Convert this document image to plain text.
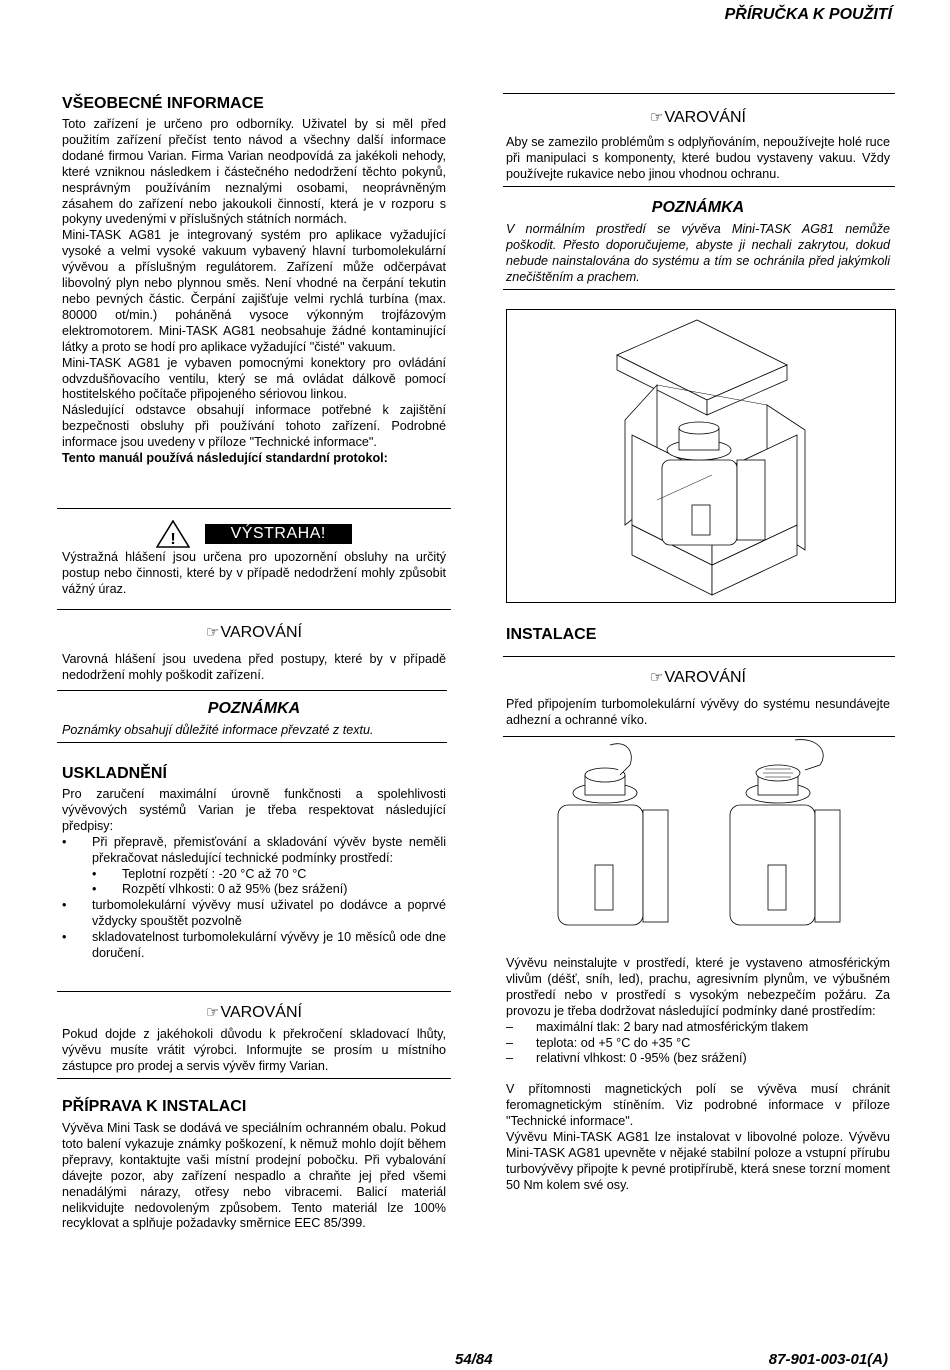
PŘÍRUČKA K POUŽITÍ
VŠEOBECNÉ INFORMACE

Toto zařízení je určeno pro odborníky. Uživatel by si měl před použitím zařízení přečíst tento návod a všechny další informace dodané firmou Varian. Firma Varian neodpovídá za jakékoli nehody, které vzniknou následkem i částečného nedodržení těchto pokynů, nesprávným používáním neznalými osobami, neoprávněným zásahem do zařízení nebo jakoukoli činností, která je v rozporu s pokyny uvedenými v příslušných státních normách.

Mini-TASK AG81 je integrovaný systém pro aplikace vyžadující vysoké a velmi vysoké vakuum vybavený hlavní turbomolekulární vývěvou a příslušným regulátorem. Zařízení může odčerpávat libovolný plyn nebo plynnou směs. Není vhodné na čerpání tekutin nebo pevných částic. Čerpání zajišťuje velmi rychlá turbína (max. 80000 ot/min.) poháněná vysoce výkonným trojfázovým elektromotorem. Mini-TASK AG81 neobsahuje žádné kontaminující látky a proto se hodí pro aplikace vyžadující "čisté" vakuum.

Mini-TASK AG81 je vybaven pomocnými konektory pro ovládání odvzdušňovacího ventilu, který se má ovládat dálkově pomocí hostitelského počítače připojeného sériovou linkou.

Následující odstavce obsahují informace potřebné k zajištění bezpečnosti obsluhy při používání tohoto zařízení. Podrobné informace jsou uvedeny v příloze "Technické informace".

Tento manuál používá následující standardní protokol:

!	VÝSTRAHA!

Výstražná hlášení jsou určena pro upozornění obsluhy na určitý postup nebo činnosti, které by v případě nedodržení mohly způsobit vážný úraz.

☞VAROVÁNÍ

Varovná hlášení jsou uvedena před postupy, které by v případě nedodržení mohly poškodit zařízení.

POZNÁMKA

Poznámky obsahují důležité informace převzaté z textu.

USKLADNĚNÍ

Pro zaručení maximální úrovně funkčnosti a spolehlivosti vývěvových systémů Varian je třeba respektovat následující předpisy:

• Při přepravě, přemisťování a skladování vývěv byste neměli překračovat následující technické podmínky prostředí:
• Teplotní rozpětí : -20 °C až 70 °C
• Rozpětí vlhkosti: 0 až 95% (bez srážení)
• turbomolekulární vývěvy musí uživatel po dodávce a poprvé vždycky spouštět pozvolně
• skladovatelnost turbomolekulární vývěvy je 10 měsíců ode dne doručení.
☞VAROVÁNÍ

Pokud dojde z jakéhokoli důvodu k překročení skladovací lhůty, vývěvu musíte vrátit výrobci. Informujte se prosím u místního zástupce pro prodej a servis vývěv firmy Varian.

PŘÍPRAVA K INSTALACI

Vývěva Mini Task se dodává ve speciálním ochranném obalu. Pokud toto balení vykazuje známky poškození, k němuž mohlo dojít během přepravy, kontaktujte vaši místní prodejní pobočku. Při vybalování dávejte pozor, aby zařízení nespadlo a chraňte jej před všemi nenadálými nárazy, otřesy nebo vibracemi. Balicí materiál nelikvidujte nedovoleným způsobem. Tento materiál lze 100% recyklovat a splňuje požadavky směrnice EEC 85/399.

☞VAROVÁNÍ

Aby se zamezilo problémům s odplyňováním, nepoužívejte holé ruce při manipulaci s komponenty, které budou vystaveny vakuu. Vždy používejte rukavice nebo jinou vhodnou ochranu.

POZNÁMKA

V normálním prostředí se vývěva Mini-TASK AG81 nemůže poškodit. Přesto doporučujeme, abyste ji nechali zakrytou, dokud nebude nainstalována do systému a tím se ochránila před jakýmkoli znečištěním a prachem.

INSTALACE
☞VAROVÁNÍ

Před připojením turbomolekulární vývěvy do systému nesundávejte adhezní a ochranné víko.

Vývěvu neinstalujte v prostředí, které je vystaveno atmosférickým vlivům (déšť, sníh, led), prachu, agresivním plynům, ve výbušném prostředí nebo v prostředí s vysokým nebezpečím požáru. Za provozu je třeba dodržovat následující podmínky dané prostředím:

– maximální tlak: 2 bary nad atmosférickým tlakem
– teplota: od +5 °C do +35 °C
– relativní vlhkost: 0 -95% (bez srážení)

V přítomnosti magnetických polí se vývěva musí chránit feromagnetickým stíněním. Viz podrobné informace v příloze "Technické informace".

Vývěvu Mini-TASK AG81 lze instalovat v libovolné poloze. Vývěvu Mini-TASK AG81 upevněte v nějaké stabilní poloze a vstupní přírubu turbovývěvy připojte k pevné protipřírubě, která snese torzní moment 50 Nm kolem své osy.

54/84	87-901-003-01(A)
